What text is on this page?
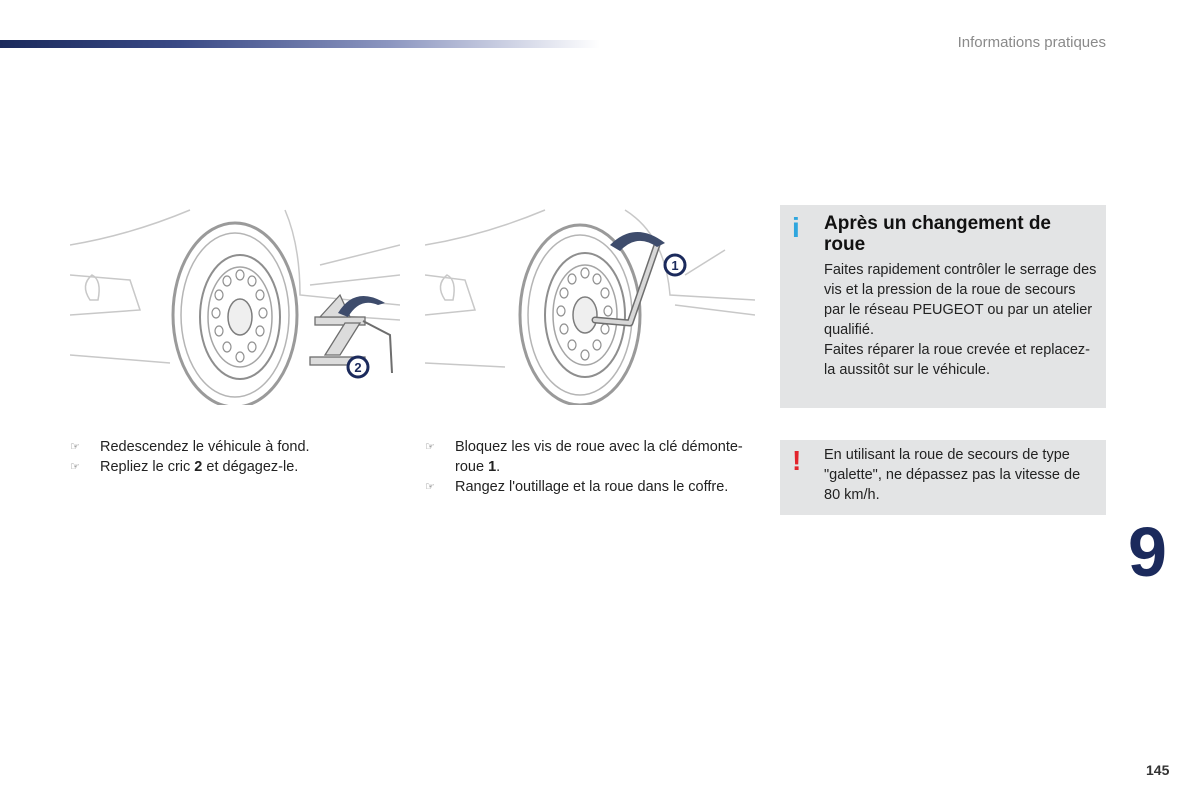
Informations pratiques
2
1
☞ Redescendez le véhicule à fond.
☞ Repliez le cric 2 et dégagez-le.
☞ Bloquez les vis de roue avec la clé démonte-roue 1.
☞ Rangez l'outillage et la roue dans le coffre.
i Après un changement de roue
Faites rapidement contrôler le serrage des vis et la pression de la roue de secours par le réseau PEUGEOT ou par un atelier qualifié.
Faites réparer la roue crevée et replacez-la aussitôt sur le véhicule.
! En utilisant la roue de secours de type "galette", ne dépassez pas la vitesse de 80 km/h.
9
145
